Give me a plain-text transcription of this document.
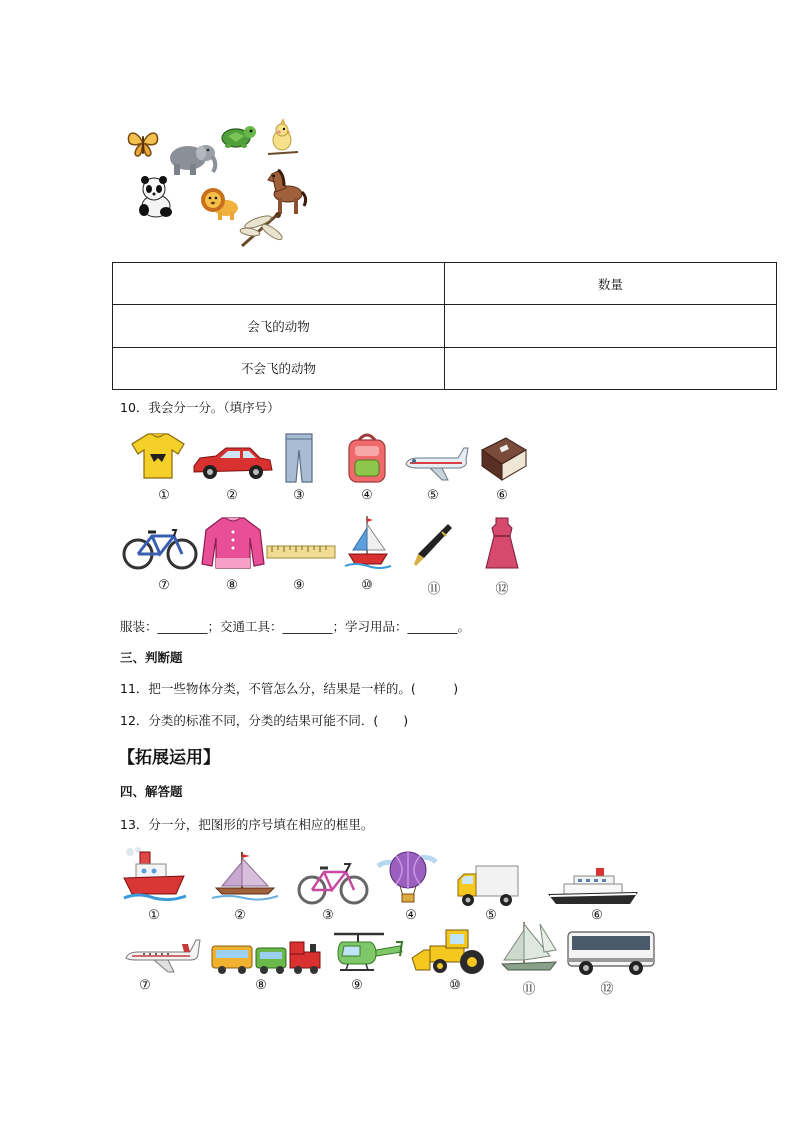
	数量
会飞的动物	
不会飞的动物	
10．我会分一分。（填序号）
①	②	③	④	⑤	⑥
⑦	⑧	⑨	⑩	⑪	⑫
服装：________；交通工具：________；学习用品：________。
三、判断题
11．把一些物体分类，不管怎么分，结果是一样的。(　　　)
12．分类的标准不同，分类的结果可能不同．(　　)
【拓展运用】
四、解答题
13．分一分，把图形的序号填在相应的框里。
①	②	③	④	⑤	⑥
⑦	⑧	⑨	⑩	⑪	⑫
